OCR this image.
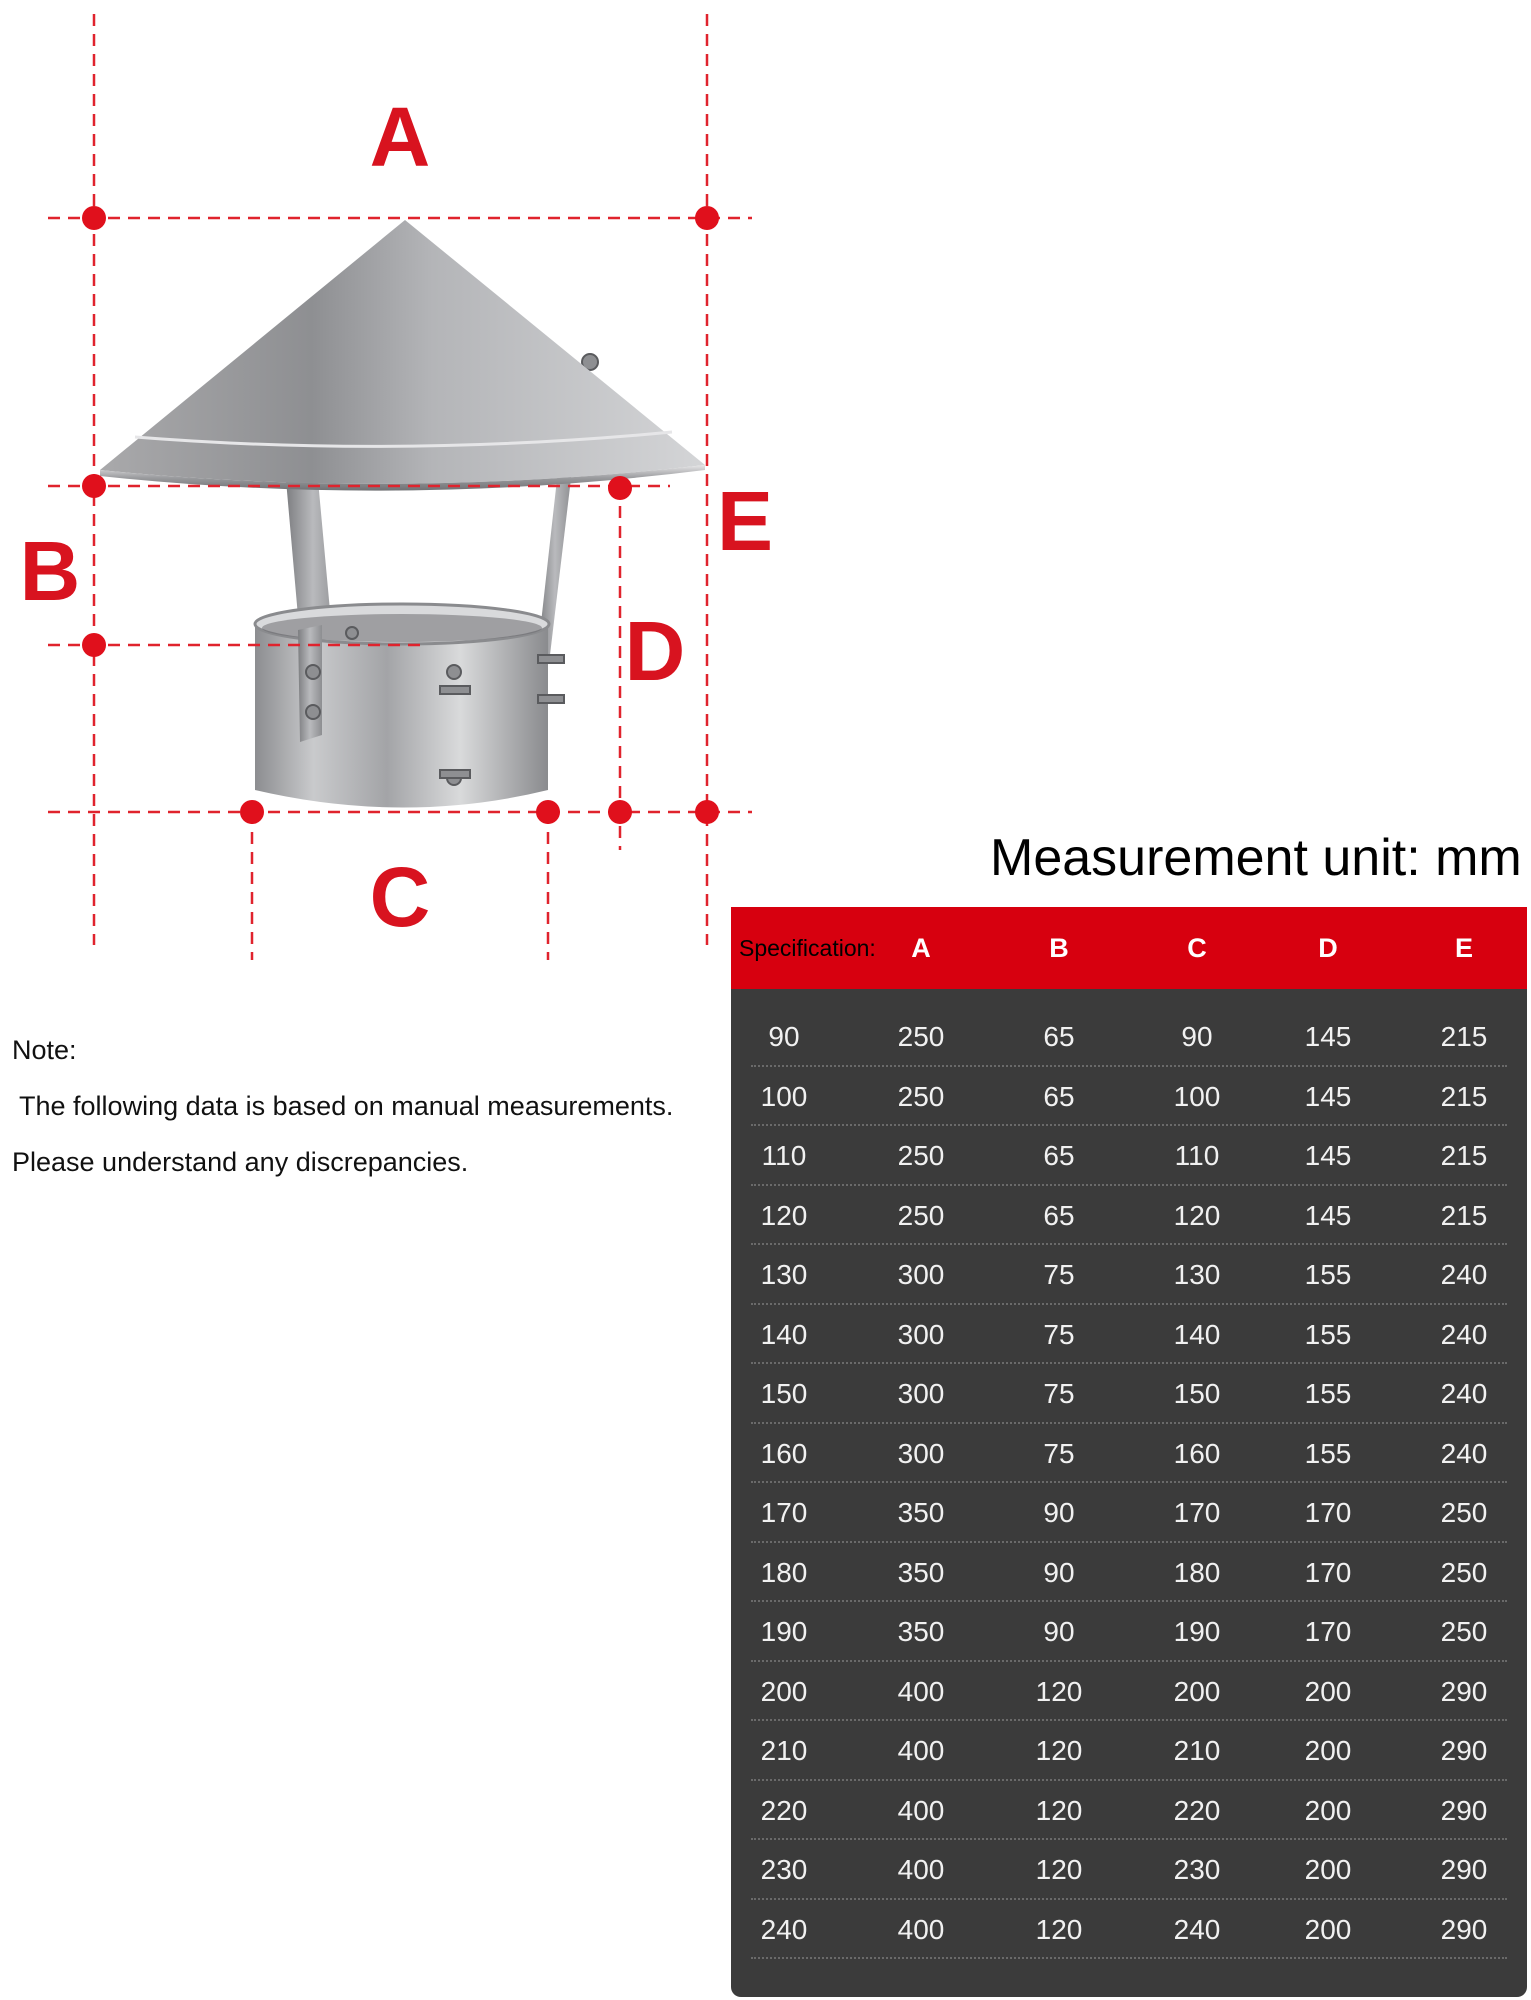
A
B
C
D
E
Note:
The following data is based on manual measurements.
Please understand any discrepancies.
Measurement unit: mm
Specification:	A	B	C	D	E
90	250	65	90	145	215
100	250	65	100	145	215
110	250	65	110	145	215
120	250	65	120	145	215
130	300	75	130	155	240
140	300	75	140	155	240
150	300	75	150	155	240
160	300	75	160	155	240
170	350	90	170	170	250
180	350	90	180	170	250
190	350	90	190	170	250
200	400	120	200	200	290
210	400	120	210	200	290
220	400	120	220	200	290
230	400	120	230	200	290
240	400	120	240	200	290
